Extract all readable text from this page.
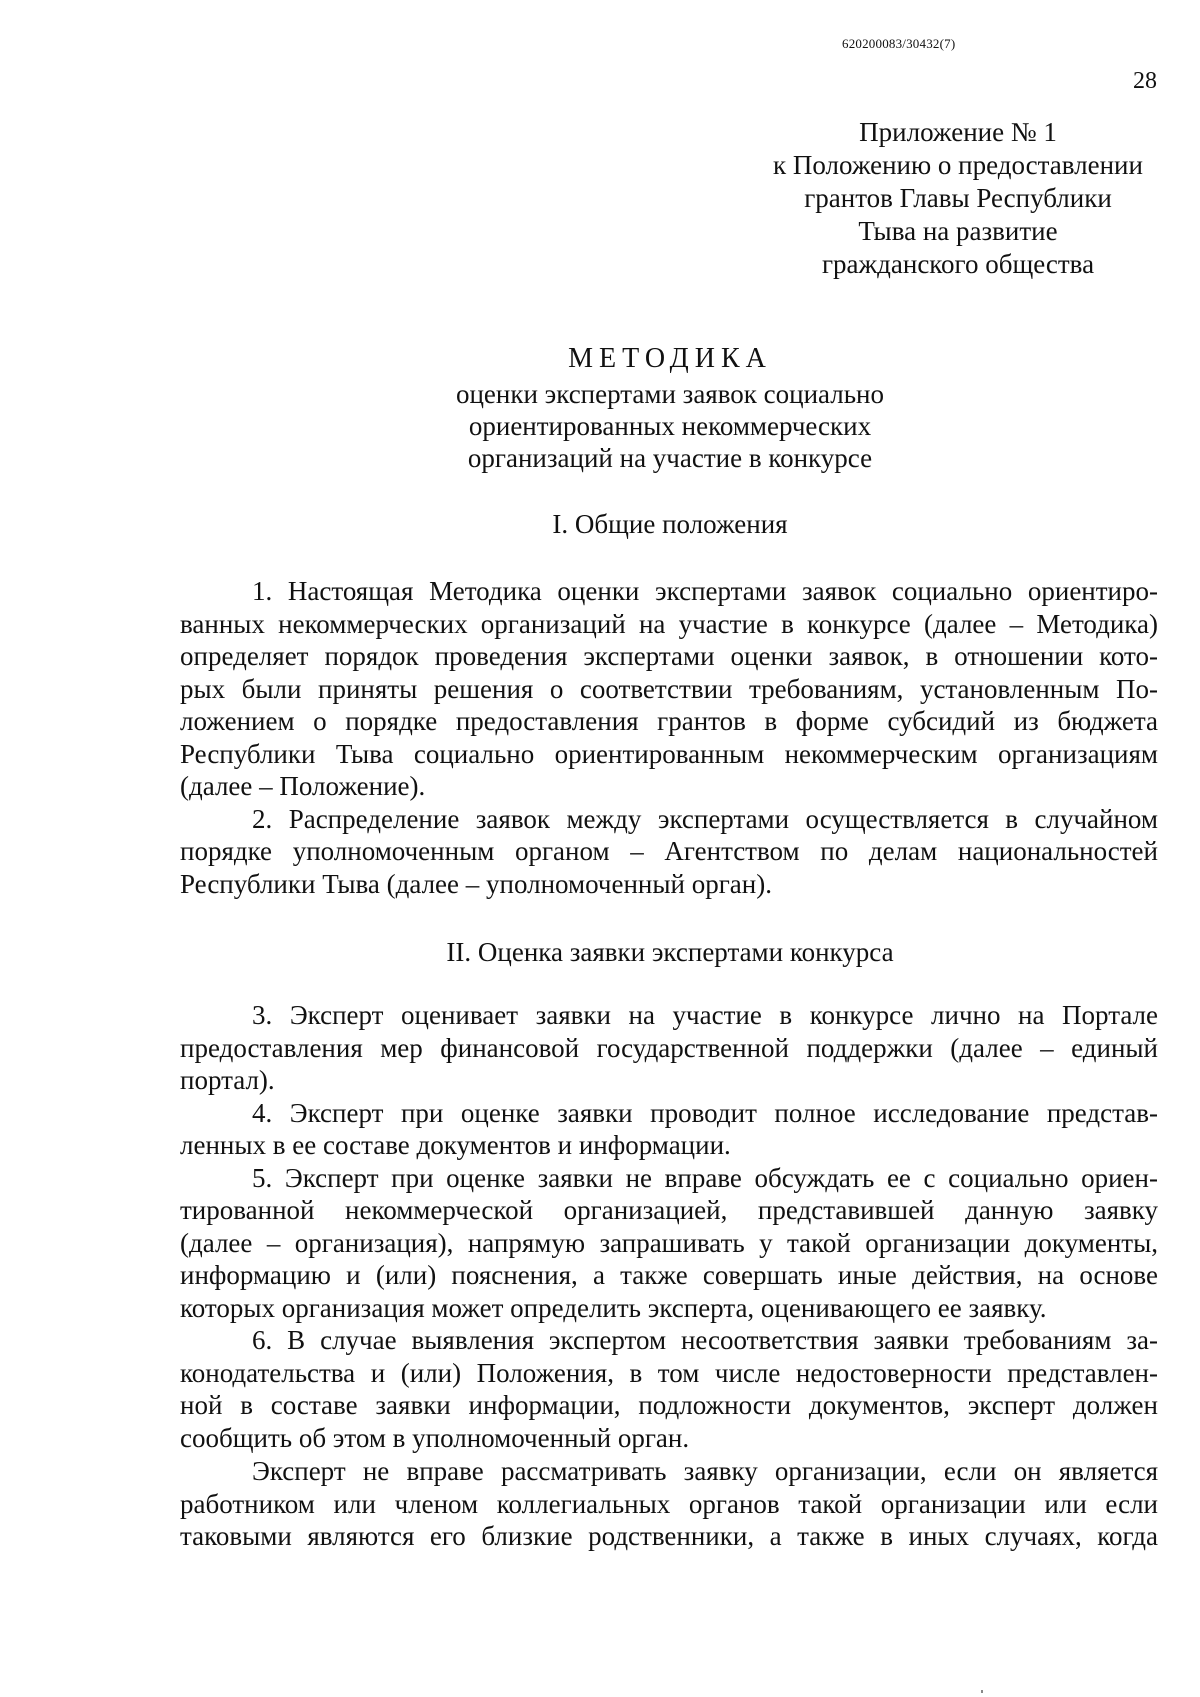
620200083/30432(7)
28
Приложение № 1
к Положению о предоставлении
грантов Главы Республики
Тыва на развитие
гражданского общества
МЕТОДИКА
оценки экспертами заявок социально
ориентированных некоммерческих
организаций на участие в конкурсе
I. Общие положения
1. Настоящая Методика оценки экспертами заявок социально ориентиро-
ванных некоммерческих организаций на участие в конкурсе (далее – Методика)
определяет порядок проведения экспертами оценки заявок, в отношении кото-
рых были приняты решения о соответствии требованиям, установленным По-
ложением о порядке предоставления грантов в форме субсидий из бюджета
Республики Тыва социально ориентированным некоммерческим организациям
(далее – Положение).
2. Распределение заявок между экспертами осуществляется в случайном
порядке уполномоченным органом – Агентством по делам национальностей
Республики Тыва (далее – уполномоченный орган).
II. Оценка заявки экспертами конкурса
3. Эксперт оценивает заявки на участие в конкурсе лично на Портале
предоставления мер финансовой государственной поддержки (далее – единый
портал).
4. Эксперт при оценке заявки проводит полное исследование представ-
ленных в ее составе документов и информации.
5. Эксперт при оценке заявки не вправе обсуждать ее с социально ориен-
тированной некоммерческой организацией, представившей данную заявку
(далее – организация), напрямую запрашивать у такой организации документы,
информацию и (или) пояснения, а также совершать иные действия, на основе
которых организация может определить эксперта, оценивающего ее заявку.
6. В случае выявления экспертом несоответствия заявки требованиям за-
конодательства и (или) Положения, в том числе недостоверности представлен-
ной в составе заявки информации, подложности документов, эксперт должен
сообщить об этом в уполномоченный орган.
Эксперт не вправе рассматривать заявку организации, если он является
работником или членом коллегиальных органов такой организации или если
таковыми являются его близкие родственники, а также в иных случаях, когда
